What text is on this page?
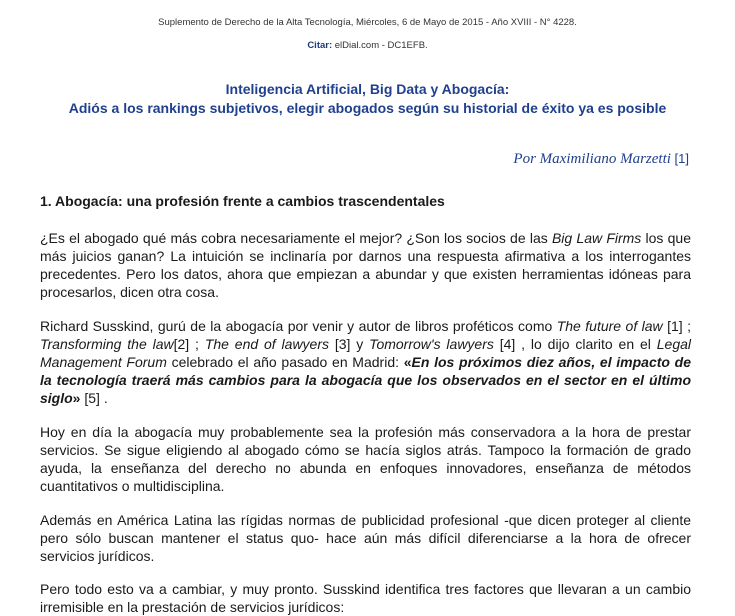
Suplemento de Derecho de la Alta Tecnología, Miércoles, 6 de Mayo de 2015 - Año XVIII - N° 4228.
Citar: elDial.com - DC1EFB.
Inteligencia Artificial, Big Data y Abogacía:
Adiós a los rankings subjetivos, elegir abogados según su historial de éxito ya es posible
Por Maximiliano Marzetti [1]
1. Abogacía: una profesión frente a cambios trascendentales
¿Es el abogado qué más cobra necesariamente el mejor? ¿Son los socios de las Big Law Firms los que más juicios ganan? La intuición se inclinaría por darnos una respuesta afirmativa a los interrogantes precedentes. Pero los datos, ahora que empiezan a abundar y que existen herramientas idóneas para procesarlos, dicen otra cosa.
Richard Susskind, gurú de la abogacía por venir y autor de libros proféticos como The future of law [1] ; Transforming the law[2] ; The end of lawyers [3] y Tomorrow's lawyers [4] , lo dijo clarito en el Legal Management Forum celebrado el año pasado en Madrid: «En los próximos diez años, el impacto de la tecnología traerá más cambios para la abogacía que los observados en el sector en el último siglo» [5] .
Hoy en día la abogacía muy probablemente sea la profesión más conservadora a la hora de prestar servicios. Se sigue eligiendo al abogado cómo se hacía siglos atrás. Tampoco la formación de grado ayuda, la enseñanza del derecho no abunda en enfoques innovadores, enseñanza de métodos cuantitativos o multidisciplina.
Además en América Latina las rígidas normas de publicidad profesional -que dicen proteger al cliente pero sólo buscan mantener el status quo- hace aún más difícil diferenciarse a la hora de ofrecer servicios jurídicos.
Pero todo esto va a cambiar, y muy pronto. Susskind identifica tres factores que llevaran a un cambio irremisible en la prestación de servicios jurídicos:
